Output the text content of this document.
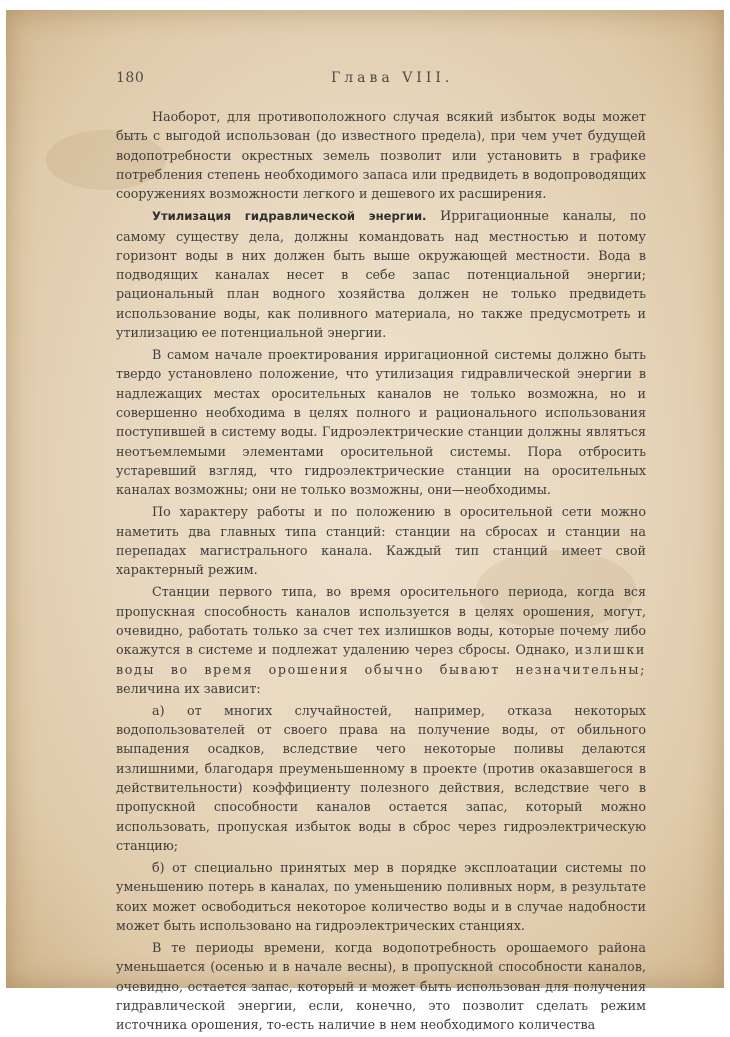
180	Глава VIII.

Наоборот, для противоположного случая всякий избыток воды может быть с выгодой использован (до известного предела), при чем учет будущей водопотребности окрестных земель позволит или установить в графике потребления степень необходимого запаса или предвидеть в водопроводящих сооружениях возможности легкого и дешевого их расширения.

Утилизация гидравлической энергии. Ирригационные каналы, по самому существу дела, должны командовать над местностью и потому горизонт воды в них должен быть выше окружающей местности. Вода в подводящих каналах несет в себе запас потенциальной энергии; рациональный план водного хозяйства должен не только предвидеть использование воды, как поливного материала, но также предусмотреть и утилизацию ее потенциальной энергии.

В самом начале проектирования ирригационной системы должно быть твердо установлено положение, что утилизация гидравлической энергии в надлежащих местах оросительных каналов не только возможна, но и совершенно необходима в целях полного и рационального использования поступившей в систему воды. Гидроэлектрические станции должны являться неотъемлемыми элементами оросительной системы. Пора отбросить устаревший взгляд, что гидроэлектрические станции на оросительных каналах возможны; они не только возможны, они—необходимы.

По характеру работы и по положению в оросительной сети можно наметить два главных типа станций: станции на сбросах и станции на перепадах магистрального канала. Каждый тип станций имеет свой характерный режим.

Станции первого типа, во время оросительного периода, когда вся пропускная способность каналов используется в целях орошения, могут, очевидно, работать только за счет тех излишков воды, которые почему либо окажутся в системе и подлежат удалению через сбросы. Однако, излишки воды во время орошения обычно бывают незначительны; величина их зависит:

а) от многих случайностей, например, отказа некоторых водопользователей от своего права на получение воды, от обильного выпадения осадков, вследствие чего некоторые поливы делаются излишними, благодаря преуменьшенному в проекте (против оказавшегося в действительности) коэффициенту полезного действия, вследствие чего в пропускной способности каналов остается запас, который можно использовать, пропуская избыток воды в сброс через гидроэлектрическую станцию;

б) от специально принятых мер в порядке эксплоатации системы по уменьшению потерь в каналах, по уменьшению поливных норм, в результате коих может освободиться некоторое количество воды и в случае надобности может быть использовано на гидроэлектрических станциях.

В те периоды времени, когда водопотребность орошаемого района уменьшается (осенью и в начале весны), в пропускной способности каналов, очевидно, остается запас, который и может быть использован для получения гидравлической энергии, если, конечно, это позволит сделать режим источника орошения, то-есть наличие в нем необходимого количества
